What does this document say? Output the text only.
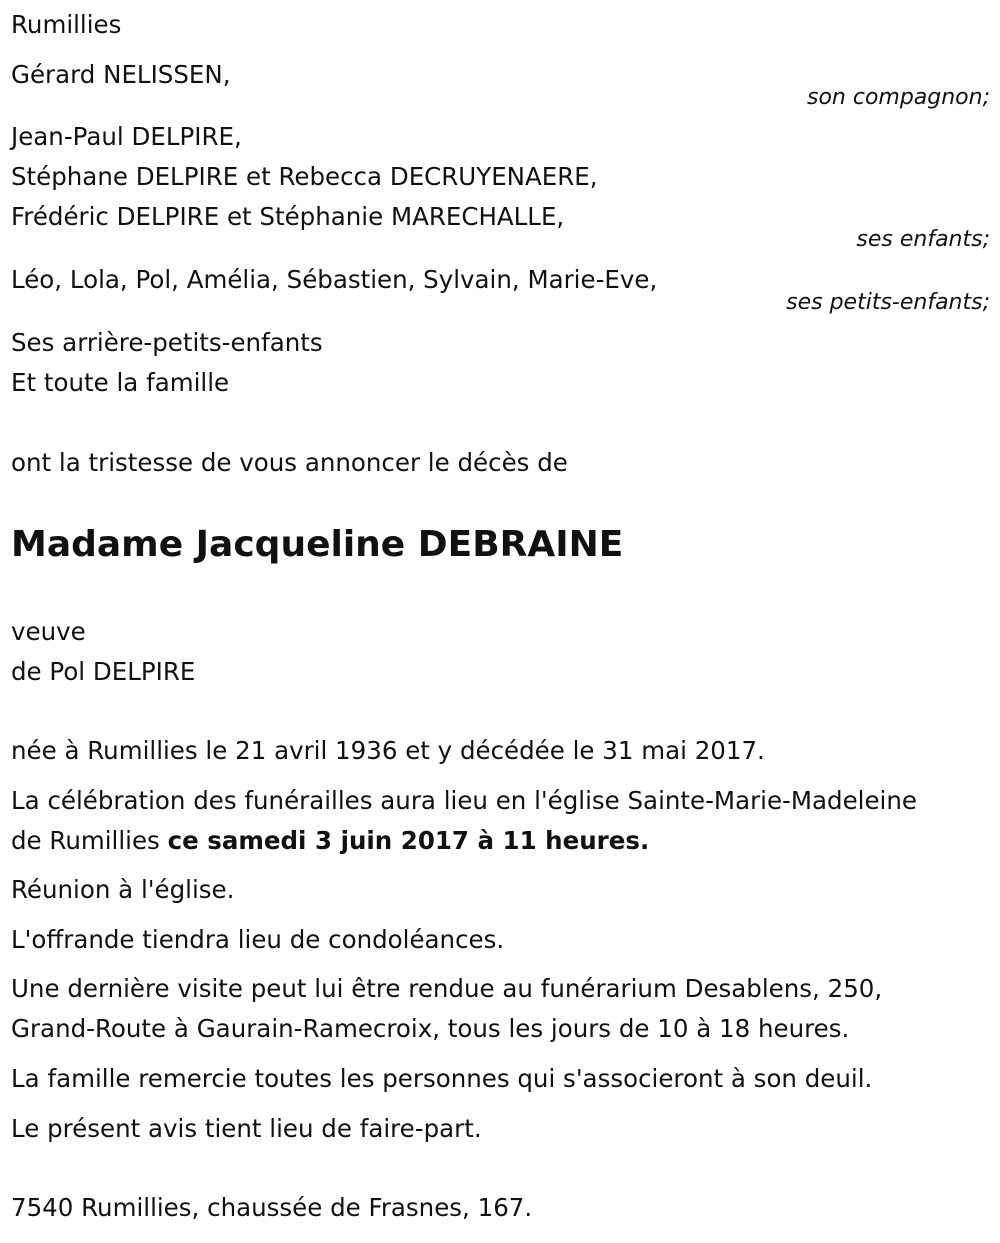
Rumillies
Gérard NELISSEN,
son compagnon;
Jean-Paul DELPIRE,
Stéphane DELPIRE et Rebecca DECRUYENAERE,
Frédéric DELPIRE et Stéphanie MARECHALLE,
ses enfants;
Léo, Lola, Pol, Amélia, Sébastien, Sylvain, Marie-Eve,
ses petits-enfants;
Ses arrière-petits-enfants
Et toute la famille
ont la tristesse de vous annoncer le décès de
Madame Jacqueline DEBRAINE
veuve
de Pol DELPIRE
née à Rumillies le 21 avril 1936 et y décédée le 31 mai 2017.
La célébration des funérailles aura lieu en l'église Sainte-Marie-Madeleine
de Rumillies ce samedi 3 juin 2017 à 11 heures.
Réunion à l'église.
L'offrande tiendra lieu de condoléances.
Une dernière visite peut lui être rendue au funérarium Desablens, 250,
Grand-Route à Gaurain-Ramecroix, tous les jours de 10 à 18 heures.
La famille remercie toutes les personnes qui s'associeront à son deuil.
Le présent avis tient lieu de faire-part.
7540 Rumillies, chaussée de Frasnes, 167.
